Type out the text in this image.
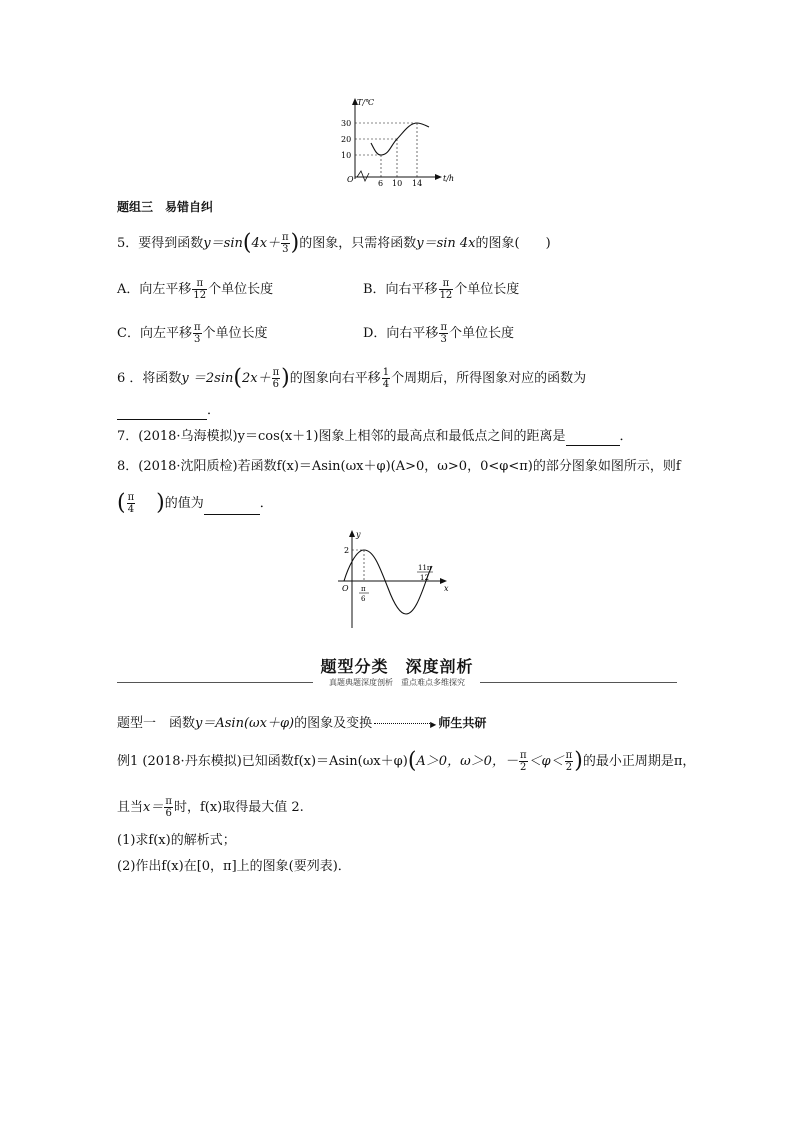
T/℃
t/h
O
30
20
10
6 10 14
题组三　易错自纠
5．要得到函数$y=\sin(4x+ \frac{\pi}{3}$ )的图象，只需将函数y＝sin 4x的图象(　　)
A．向左平移 $\frac{\pi}{12}$ 个单位长度	B．向右平移 $\frac{\pi}{12}$ 个单位长度
C．向左平移 $\frac{\pi}{3}$ 个单位长度	D．向右平移 $\frac{\pi}{3}$ 个单位长度
6 ．将函数$y =2\sin(2x+ \frac{\pi}{6}$ )的图象向右平移 $\frac{1}{4}$ 个周期后，所得图象对应的函数为
．
7．(2018·乌海模拟)y＝cos(x＋1)图象上相邻的最高点和最低点之间的距离是	．
8．(2018·沈阳质检)若函数f(x)＝Asin(ωx＋φ)(A>0，ω>0，0<φ<π)的部分图象如图所示，则f
( $\frac{\pi}{4}$ )的值为	．
y
x
O
2
π
6
11π
12
题型分类　深度剖析
真题典题深度剖析　重点难点多维探究
题型一　函数y＝Asin(ωx＋φ)的图象及变换	▶ 师生共研
例1 (2018·丹东模拟)已知函数f(x)＝Asin(ωx＋φ)(A＞0，ω＞0，－ $\frac{\pi}{2} <\varphi< \frac{\pi}{2}$ )的最小正周期是π，
且当$x= \frac{\pi}{6}$ 时，f(x)取得最大值 2.
(1)求f(x)的解析式；
(2)作出f(x)在[0，π]上的图象(要列表)．
